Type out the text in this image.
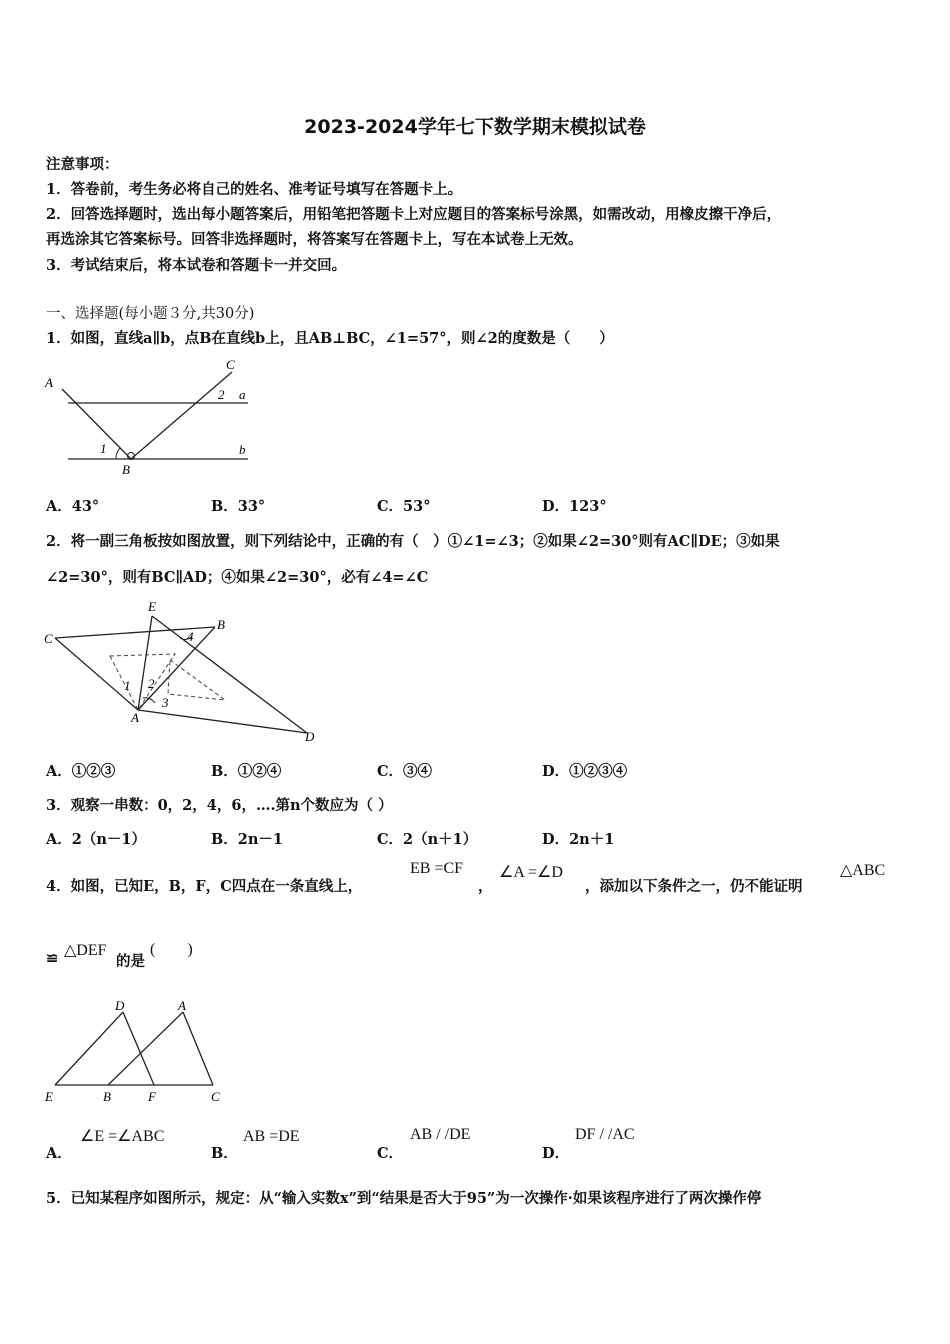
2023-2024学年七下数学期末模拟试卷
注意事项：
1．答卷前，考生务必将自己的姓名、准考证号填写在答题卡上。
2．回答选择题时，选出每小题答案后，用铅笔把答题卡上对应题目的答案标号涂黑，如需改动，用橡皮擦干净后，
再选涂其它答案标号。回答非选择题时，将答案写在答题卡上，写在本试卷上无效。
3．考试结束后，将本试卷和答题卡一并交回。
一、选择题(每小题３分,共30分)
1．如图，直线a∥b，点B在直线b上，且AB⊥BC，∠1=57°，则∠2的度数是（　　）
A
C
2 a
1
B
b
A．43°	B．33°	C．53°	D．123°
2．将一副三角板按如图放置，则下列结论中，正确的有（　）①∠1=∠3；②如果∠2=30°则有AC∥DE；③如果
∠2=30°，则有BC∥AD；④如果∠2=30°，必有∠4=∠C
E
B
C	4
1 2
3
A
D
A．①②③	B．①②④	C．③④	D．①②③④
3．观察一串数：0，2，4，6，….第n个数应为（ ）
A．2（n－1）	B．2n－1	C．2（n＋1）	D．2n＋1
4．如图，已知E，B，F，C四点在一条直线上，
EB =CF
，
∠A =∠D
，添加以下条件之一，仍不能证明
△ABC
≌ △DEF
的是
(　　)
D	A
E	B	F	C
A．
∠E =∠ABC
B．
AB =DE
C．
AB / /DE
D．
DF / /AC
5．已知某程序如图所示，规定：从“输入实数x”到“结果是否大于95”为一次操作·如果该程序进行了两次操作停
